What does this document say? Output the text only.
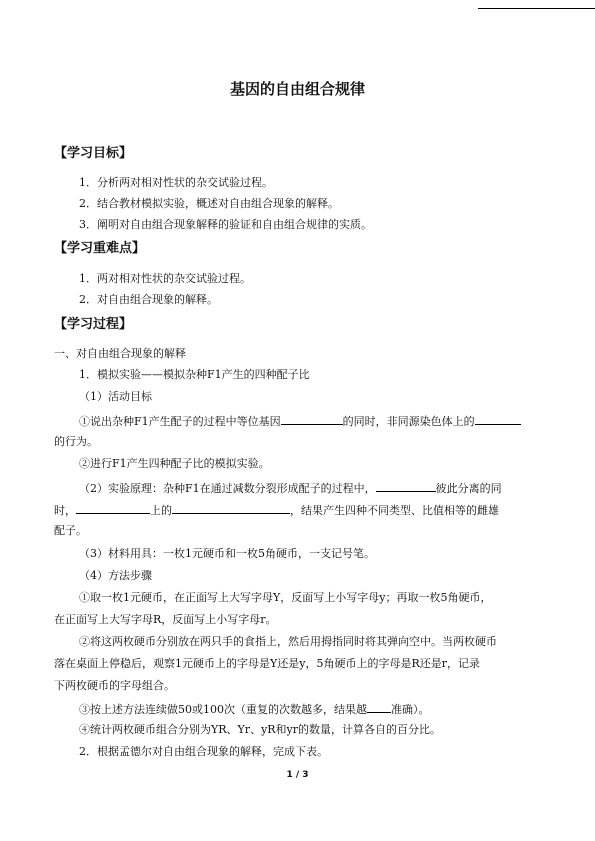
基因的自由组合规律
【学习目标】
1．分析两对相对性状的杂交试验过程。
2．结合教材模拟实验，概述对自由组合现象的解释。
3．阐明对自由组合现象解释的验证和自由组合规律的实质。
【学习重难点】
1．两对相对性状的杂交试验过程。
2．对自由组合现象的解释。
【学习过程】
一、对自由组合现象的解释
1．模拟实验——模拟杂种F1产生的四种配子比
（1）活动目标
①说出杂种F1产生配子的过程中等位基因	的同时，非同源染色体上的
的行为。
②进行F1产生四种配子比的模拟实验。
（2）实验原理：杂种F1在通过减数分裂形成配子的过程中，	彼此分离的同
时，	上的	，结果产生四种不同类型、比值相等的雌雄
配子。
（3）材料用具：一枚1元硬币和一枚5角硬币，一支记号笔。
（4）方法步骤
①取一枚1元硬币，在正面写上大写字母Y，反面写上小写字母y；再取一枚5角硬币，
在正面写上大写字母R，反面写上小写字母r。
②将这两枚硬币分别放在两只手的食指上，然后用拇指同时将其弹向空中。当两枚硬币
落在桌面上停稳后，观察1元硬币上的字母是Y还是y，5角硬币上的字母是R还是r，记录
下两枚硬币的字母组合。
③按上述方法连续做50或100次（重复的次数越多，结果越 准确）。
④统计两枚硬币组合分别为YR、Yr、yR和yr的数量，计算各自的百分比。
2．根据孟德尔对自由组合现象的解释，完成下表。
1 / 3
